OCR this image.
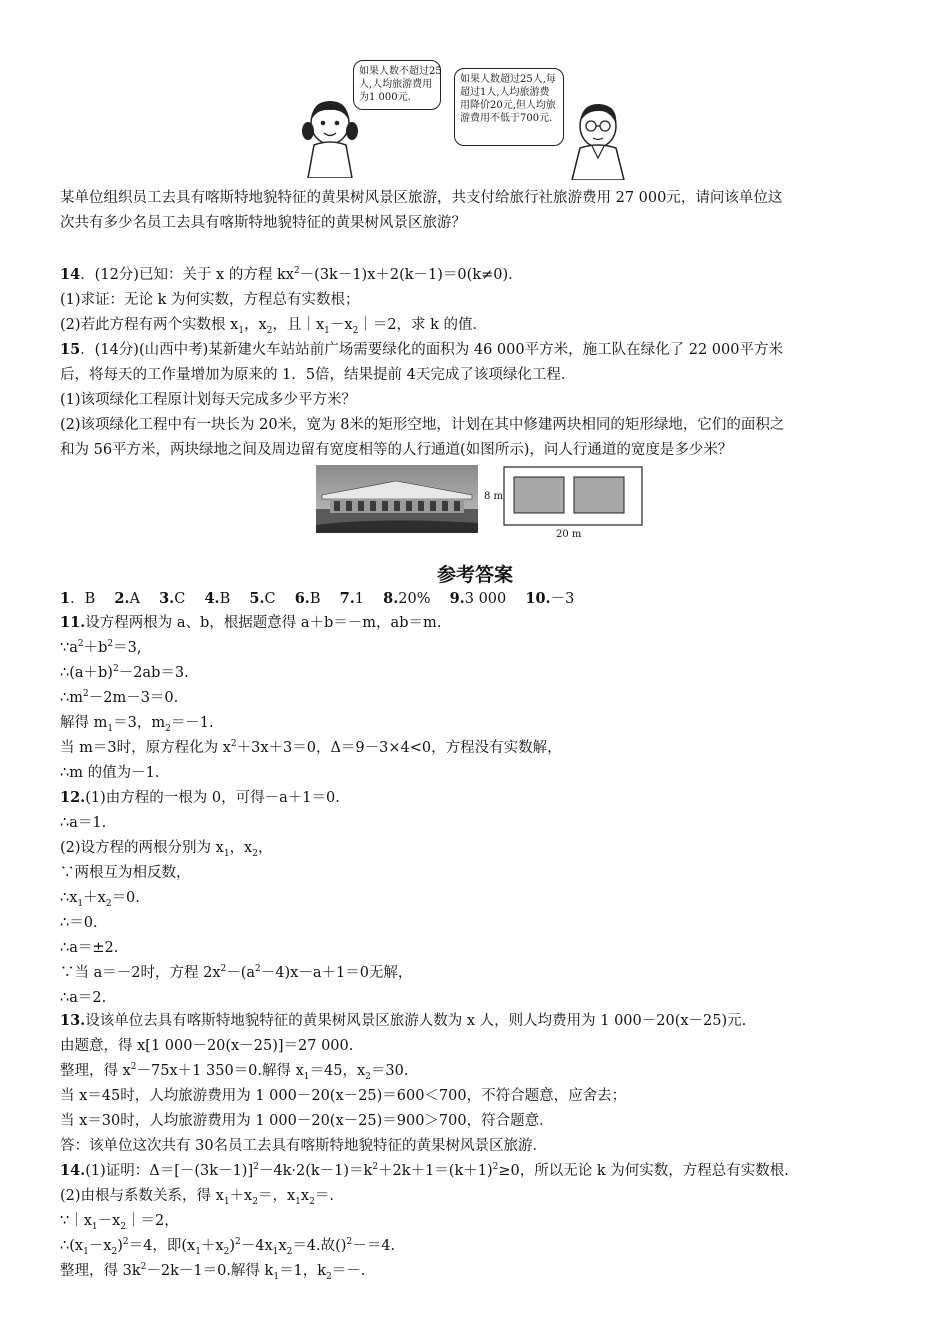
如果人数不超过25
人,人均旅游费用
为1 000元.
如果人数超过25人,每
超过1人,人均旅游费
用降价20元,但人均旅
游费用不低于700元.
某单位组织员工去具有喀斯特地貌特征的黄果树风景区旅游，共支付给旅行社旅游费用 27 000元，请问该单位这
次共有多少名员工去具有喀斯特地貌特征的黄果树风景区旅游？
14．(12分)已知：关于 x 的方程 $kx^2-(3k-1)x+2(k-1)=0(k\ne 0)$．
(1)求证：无论 k 为何实数，方程总有实数根；
(2)若此方程有两个实数根 $x_1$，$x_2$，且$|x_1-x_2|=2$，求 k 的值．
15．(14分)(山西中考)某新建火车站站前广场需要绿化的面积为 46 000平方米，施工队在绿化了 22 000平方米
后，将每天的工作量增加为原来的 1．5倍，结果提前 4天完成了该项绿化工程．
(1)该项绿化工程原计划每天完成多少平方米？
(2)该项绿化工程中有一块长为 20米，宽为 8米的矩形空地，计划在其中修建两块相同的矩形绿地，它们的面积之
和为 56平方米，两块绿地之间及周边留有宽度相等的人行通道(如图所示)，问人行通道的宽度是多少米？
8 m
20 m
参考答案
1．B  2.A  3.C  4.B  5.C  6.B  7.1  8.20%  9.3 000  10.－3
11.设方程两根为 a、b，根据题意得 a＋b＝－m，ab＝m.
$\because a^2+b^2=3$,
$\therefore(a+b)^2-2ab=3$.
$\therefore m^2-2m-3=0$.
解得 $m_1=3$，$m_2=-1$.
当 m＝3时，原方程化为 $x^2+3x+3=0$，Δ＝9－3×4<0，方程没有实数解，
∴m 的值为－1.
12.(1)由方程的一根为 0，可得－a＋1＝0.
∴a＝1.
(2)设方程的两根分别为 $x_1$，$x_2$，
∵两根互为相反数，
$\therefore x_1+x_2=0$.
∴＝0.
∴a＝±2.
∵当 a＝－2时，方程 $2x^2-(a^2-4)x-a+1=0$无解，
∴a＝2.
13.设该单位去具有喀斯特地貌特征的黄果树风景区旅游人数为 x 人，则人均费用为 1 000－20(x－25)元.
由题意，得 x[1 000－20(x－25)]＝27 000.
整理，得 $x^2-75x+1$ 350＝0.解得 $x_1=45$，$x_2=30$.
当 x＝45时，人均旅游费用为 1 000－20(x－25)＝600＜700，不符合题意，应舍去；
当 x＝30时，人均旅游费用为 1 000－20(x－25)＝900＞700，符合题意．
答：该单位这次共有 30名员工去具有喀斯特地貌特征的黄果树风景区旅游．
14.(1)证明：$\Delta=[-(3k-1)]^2-4k\cdot 2(k-1)=k^2+2k+1=(k+1)^2\ge 0$，所以无论 k 为何实数，方程总有实数根.
(2)由根与系数关系，得 $x_1+x_2=$，$x_1x_2=$.
$\because|x_1-x_2|=2$，
$\therefore(x_1-x_2)^2=4$，即$(x_1+x_2)^2-4x_1x_2=4$.故()$^2$－＝4.
整理，得 $3k^2-2k-1=0$.解得 $k_1=1$，$k_2=-$.
